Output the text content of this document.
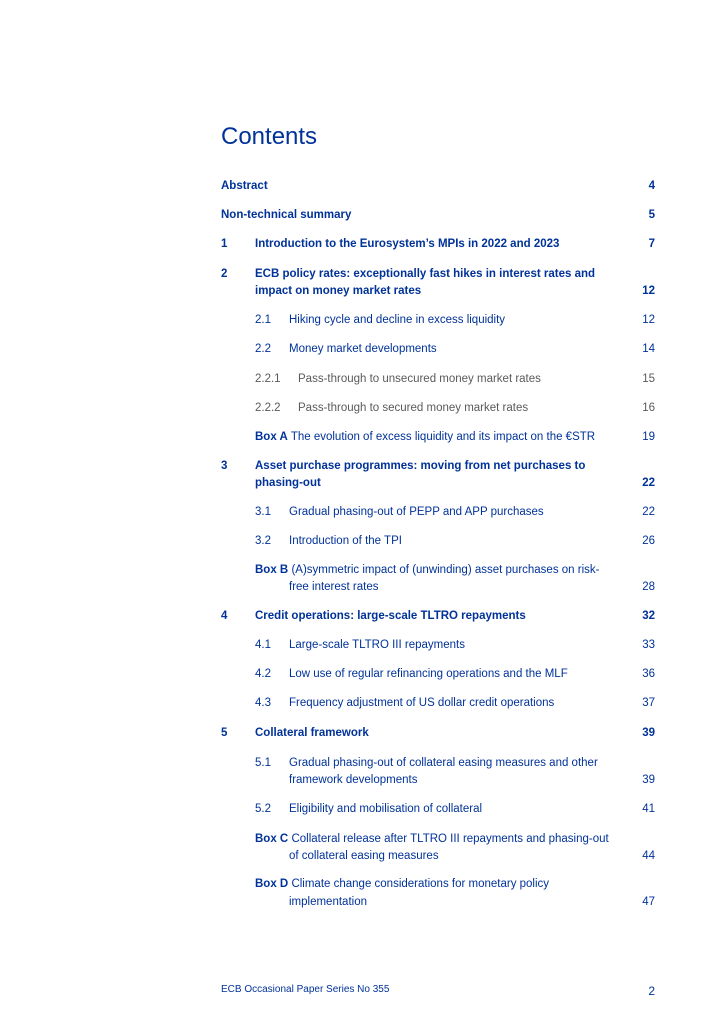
Contents
Abstract	4
Non-technical summary	5
1 Introduction to the Eurosystem’s MPIs in 2022 and 2023	7
2 ECB policy rates: exceptionally fast hikes in interest rates and
impact on money market rates	12
2.1 Hiking cycle and decline in excess liquidity	12
2.2 Money market developments	14
2.2.1 Pass-through to unsecured money market rates	15
2.2.2 Pass-through to secured money market rates	16
Box A The evolution of excess liquidity and its impact on the €STR	19
3 Asset purchase programmes: moving from net purchases to
phasing-out	22
3.1 Gradual phasing-out of PEPP and APP purchases	22
3.2 Introduction of the TPI	26
Box B (A)symmetric impact of (unwinding) asset purchases on risk-
free interest rates	28
4 Credit operations: large-scale TLTRO repayments	32
4.1 Large-scale TLTRO III repayments	33
4.2 Low use of regular refinancing operations and the MLF	36
4.3 Frequency adjustment of US dollar credit operations	37
5 Collateral framework	39
5.1 Gradual phasing-out of collateral easing measures and other
framework developments	39
5.2 Eligibility and mobilisation of collateral	41
Box C Collateral release after TLTRO III repayments and phasing-out
of collateral easing measures	44
Box D Climate change considerations for monetary policy
implementation	47
ECB Occasional Paper Series No 355	2
